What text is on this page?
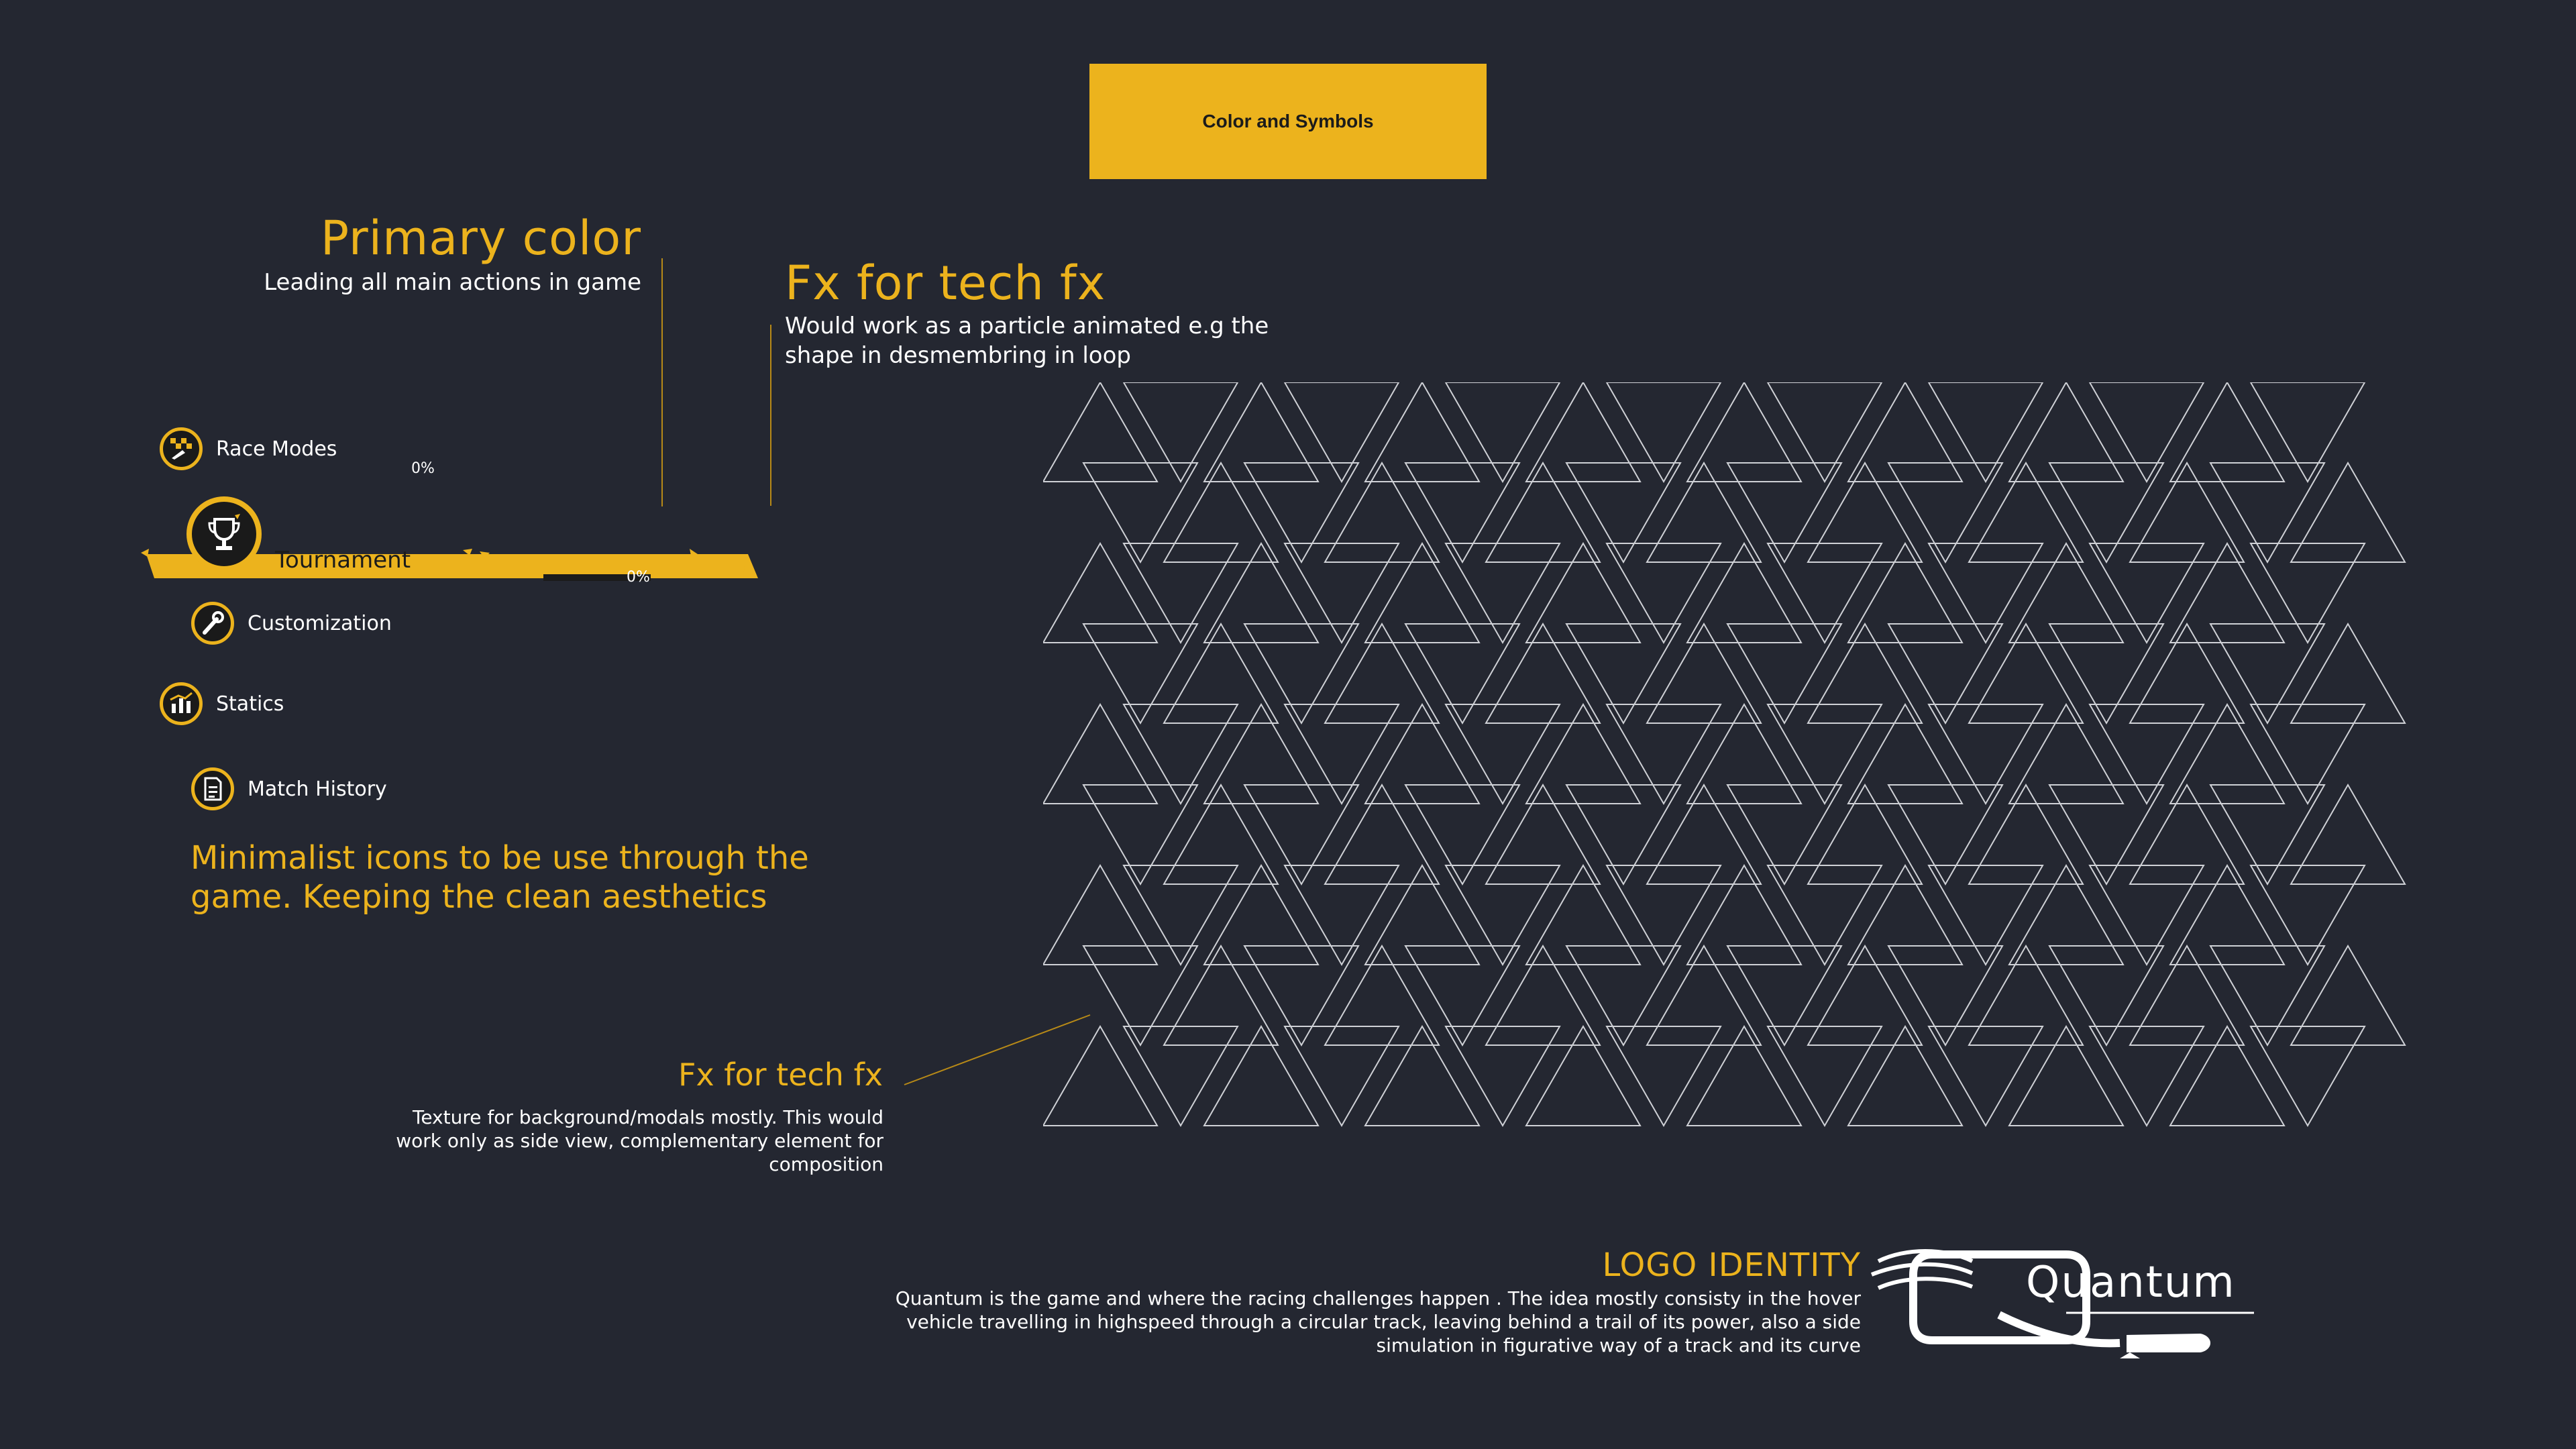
Color and Symbols
Primary color
Leading all main actions in game	Fx for tech fx
Would work as a particle animated e.g the shape in desmembring in loop
Race Modes
0%
Tournament
0%
Customization
Statics
Match History
Minimalist icons to be use through the game. Keeping the clean aesthetics
Fx for tech fx
Texture for background/modals mostly. This would work only as side view, complementary element for composition
LOGO IDENTITY
Quantum is the game and where the racing challenges happen . The idea mostly consisty in the hover vehicle travelling in highspeed through a circular track, leaving behind a trail of its power, also a side simulation in figurative way of a track and its curve
Quantum
